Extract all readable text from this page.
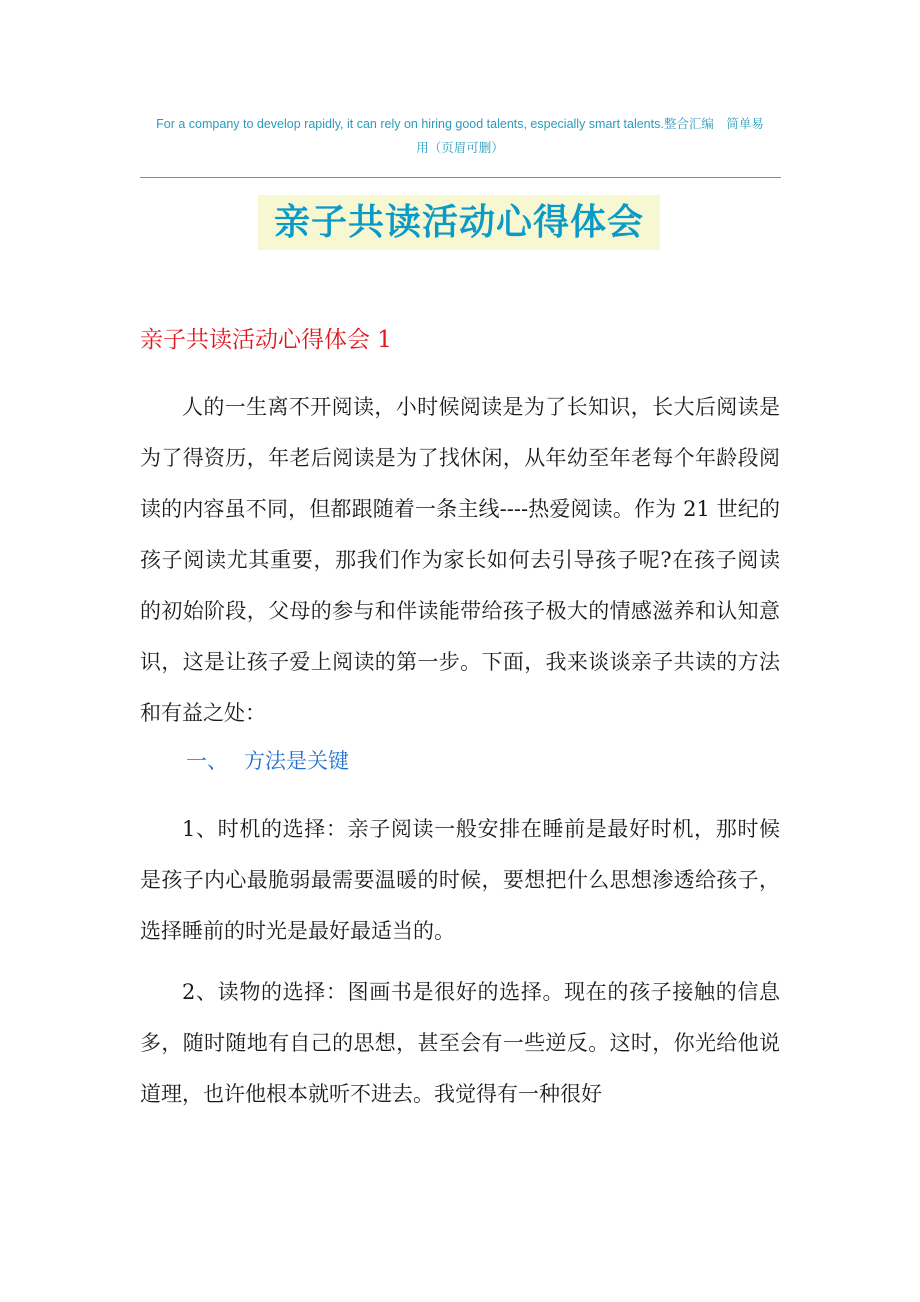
For a company to develop rapidly, it can rely on hiring good talents, especially smart talents.整合汇编　简单易
用（页眉可删）
亲子共读活动心得体会
亲子共读活动心得体会 1

人的一生离不开阅读，小时候阅读是为了长知识，长大后阅读是为了得资历，年老后阅读是为了找休闲，从年幼至年老每个年龄段阅读的内容虽不同，但都跟随着一条主线----热爱阅读。作为 21 世纪的孩子阅读尤其重要，那我们作为家长如何去引导孩子呢?在孩子阅读的初始阶段，父母的参与和伴读能带给孩子极大的情感滋养和认知意识，这是让孩子爱上阅读的第一步。下面，我来谈谈亲子共读的方法和有益之处：

一、 方法是关键

1、时机的选择：亲子阅读一般安排在睡前是最好时机，那时候是孩子内心最脆弱最需要温暖的时候，要想把什么思想渗透给孩子，选择睡前的时光是最好最适当的。

2、读物的选择：图画书是很好的选择。现在的孩子接触的信息多，随时随地有自己的思想，甚至会有一些逆反。这时，你光给他说道理，也许他根本就听不进去。我觉得有一种很好
